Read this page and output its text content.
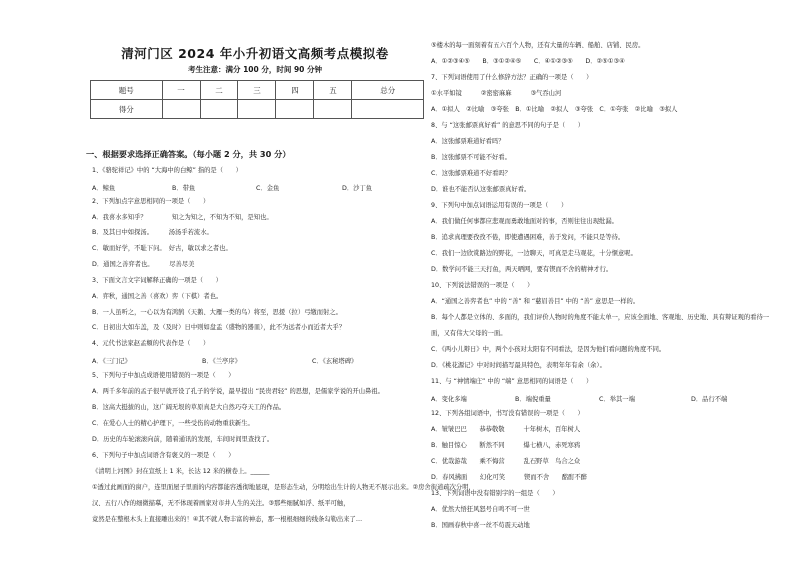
清河门区 2024 年小升初语文高频考点模拟卷
考生注意：满分 100 分，时间 90 分钟
题号	一	二	三	四	五	总分
得分						
一、根据要求选择正确答案。（每小题 2 分，共 30 分）
1、《骆驼祥记》中的 “大海中的白鲸” 指的是（　　）
A．鲸鱼	B．带鱼	C．金鱼	D．沙丁鱼
2、下列加点字意思相同的一项是（　　）
A．我喜水多知乎？　　　　知之为知之，不知为不知，是知也。
B．及其日中如探汤。　　　汤汤乎若流水。
C．敏而好学，不耻下问。　好古，敏以求之者也。
D．通国之善弈者也。　　　尽善尽美
3、下面文言文字词解释正确的一项是（　　）
A．弈秋，通国之善（喜欢）弈（下棋）者也。
B．一人虽听之，一心以为有鸿鹄（天鹅、大雁一类的鸟）将至，思援（拉）弓缴而射之。
C．日初出大如车盖，及（及时）日中则如盘盂（盛物的器皿），此不为远者小而近者大乎？
4、元代书法家赵孟頫的代表作是（　　）
A．《三门记》	B．《兰亭序》	C．《玄秘塔碑》
5、下列句子中加点成语使用错误的一项是（　　）
A．两千多年前的孟子很早就开设了孔子的学说，最早提出 “民贵君轻” 的思想，是儒家学说的开山鼻祖。
B．这高大挺拔的山，这广阔无垠的草原真是大自然巧夺天工的作品。
C．在爱心人士的精心护理下，一些受伤的动物重获新生。
D．历史的车轮滚滚向前，随着通讯的发展，车间时间里查找了。
6、下列句子中加点词语含有褒义的一项是（　　）
《清明上河图》封在宣纸上 1 米，长达 12 米的横卷上。______
①透过此画面的窗户，连里面屋子里面的内容都能容透彻地显现，是形态生动，分明绘出生计的人物无不展示出来。②房舍街道疏次分明，
汉、五行八作的细微描摹，无不体现着画家对市井人生的关注。③那些细腻如浮、纸平可触，
竟然是在整根木头上直接雕出来的！④其不就人物丰富的神态，那一根根细细的线条勾勒出来了…
⑤楼木的每一面刻着有五六百个人物，还有大量的车辆、船舶、店铺、民房。
A．①②③④⑤　　B．③①②④⑤　　C．④①②③⑤　　D．②⑤①③④
7、下列词语使用了什么修辞方法？正确的一项是（　　）
①水平如镜　　　②密密麻麻　　　③气吞山河
A．①拟人　②比喻　③夸张　B．①比喻　②拟人　③夸张　C．①夸张　②比喻　③拟人
8、与 “这张邮票真好看” 的意思不同的句子是（　　）
A．这张邮票难道好看吗？
B．这张邮票不可能不好看。
C．这张邮票难道不好看吗？
D．谁也不能否认这张邮票真好看。
9、下列句中加点词语运用有误的一项是（　　）
A．我们做任何事都应悲观而勇敢地面对的事，否则往往出现纰漏。
B．追求真理要孜孜不倦，即使遭遇困难，善于发问，不能只是等待。
C．我们一边欣赏路边的野花，一边聊天，可真是走马观花，十分惬意呢。
D．数学问不能三天打鱼，两天晒网，要有锲而不舍的精神才行。
10、下列说法错误的一项是（　　）
A．“通国之善弈者也” 中的 “善” 和 “慈眉善目” 中的 “善” 意思是一样的。
B．每个人都是立体的、多面的，我们评价人物时的角度不能太单一，应该全面地、客观地、历史地、具有辩证观的看待一
面，又有伟大父母的一面。
C．《两小儿辩日》中，两个小孩对太阳有不同看法，是因为他们看问题的角度不同。
D．《桃花源记》中对时间描写最具特色，表明年年有余（余）。
11、与 “神情端庄” 中的 “端” 意思相同的词语是（　　）
A．变化多端	B．端倪重量	C．举其一端	D．品行不端
12、下列各组词语中，书写没有错误的一项是（　　）
A．皱皱巴巴　　恭恭敬敬　　　十年树木，百年树人
B．触目惊心　　断然不同　　　爆七横八，赤死寒鸦
C．优哉游哉　　乘不悔营　　　乱石野草　鸟合之众
D．春风拂面　　幻化可笑　　　锲而不舍　　酩酊不醉
13、下列词语中没有错别字的一组是（　　）
A．优然大悟狂风怒号自鸣不可一世
B．国画春秋中喜一丝不苟震天动地
